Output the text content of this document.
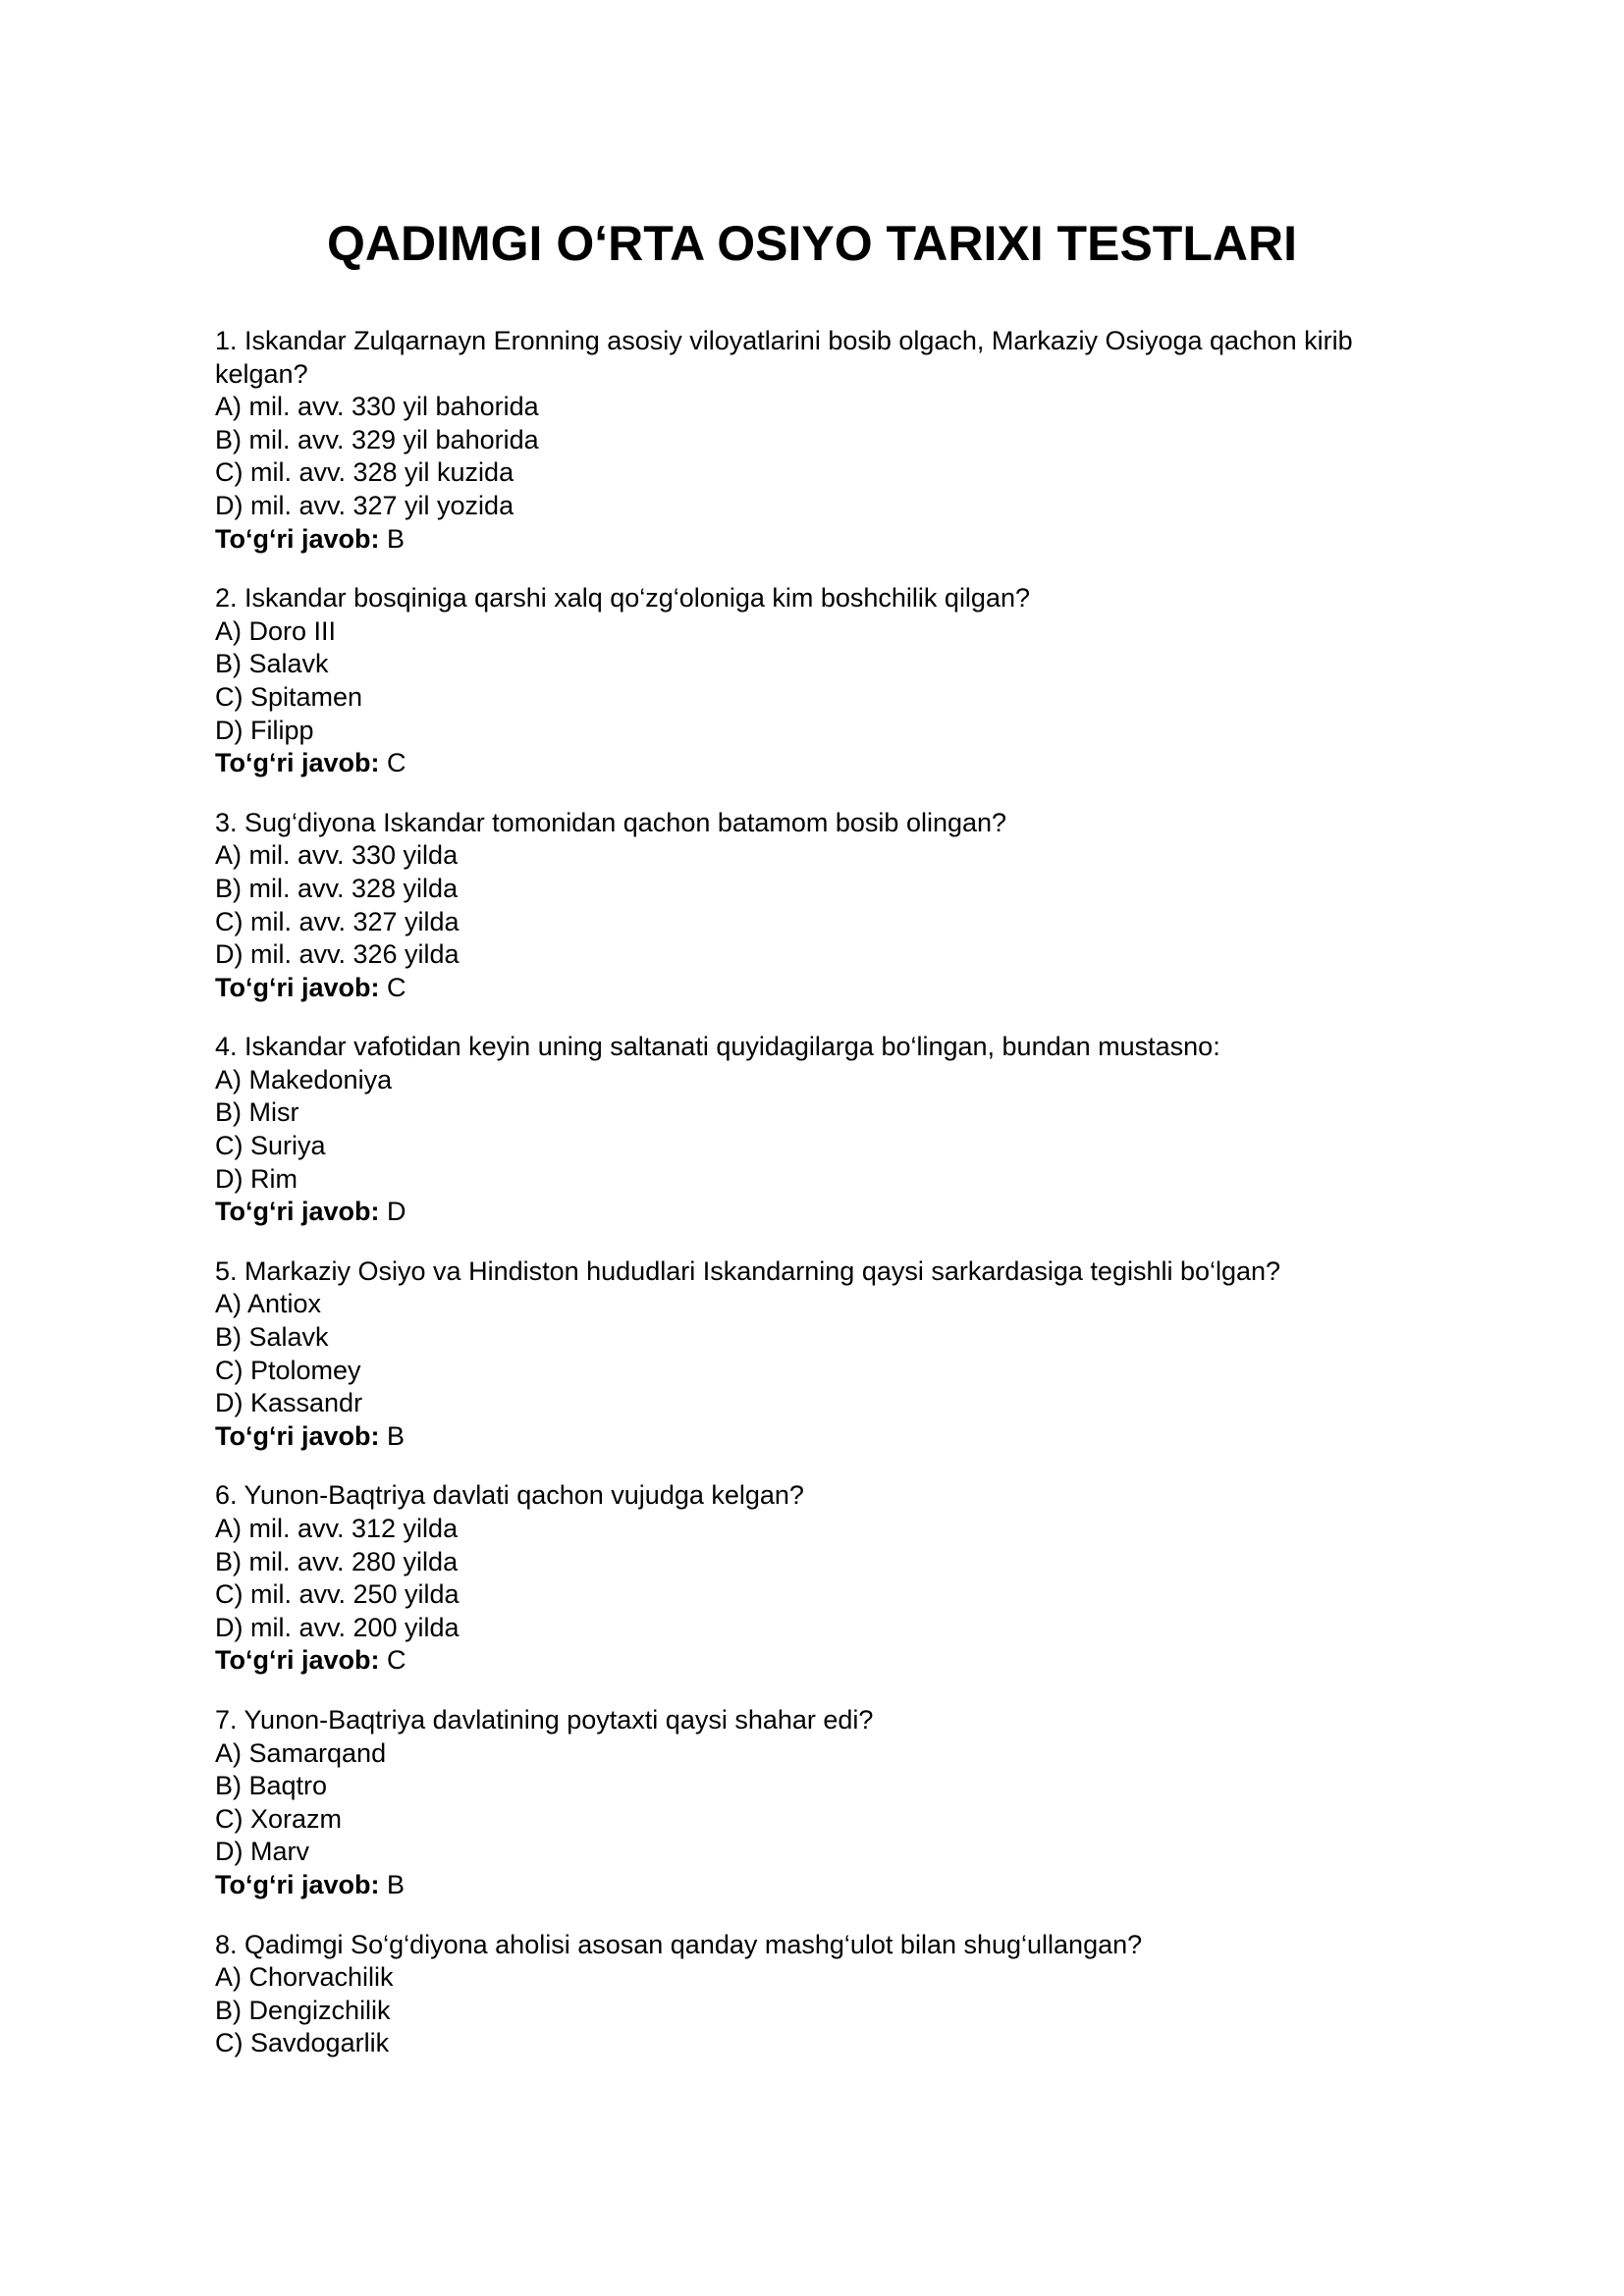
QADIMGI O‘RTA OSIYO TARIXI TESTLARI

1. Iskandar Zulqarnayn Eronning asosiy viloyatlarini bosib olgach, Markaziy Osiyoga qachon kirib kelgan?

A) mil. avv. 330 yil bahorida

B) mil. avv. 329 yil bahorida

C) mil. avv. 328 yil kuzida

D) mil. avv. 327 yil yozida

To‘g‘ri javob: B

2. Iskandar bosqiniga qarshi xalq qo‘zg‘oloniga kim boshchilik qilgan?

A) Doro III

B) Salavk

C) Spitamen

D) Filipp

To‘g‘ri javob: C

3. Sug‘diyona Iskandar tomonidan qachon batamom bosib olingan?

A) mil. avv. 330 yilda

B) mil. avv. 328 yilda

C) mil. avv. 327 yilda

D) mil. avv. 326 yilda

To‘g‘ri javob: C

4. Iskandar vafotidan keyin uning saltanati quyidagilarga bo‘lingan, bundan mustasno:

A) Makedoniya

B) Misr

C) Suriya

D) Rim

To‘g‘ri javob: D

5. Markaziy Osiyo va Hindiston hududlari Iskandarning qaysi sarkardasiga tegishli bo‘lgan?

A) Antiox

B) Salavk

C) Ptolomey

D) Kassandr

To‘g‘ri javob: B

6. Yunon-Baqtriya davlati qachon vujudga kelgan?

A) mil. avv. 312 yilda

B) mil. avv. 280 yilda

C) mil. avv. 250 yilda

D) mil. avv. 200 yilda

To‘g‘ri javob: C

7. Yunon-Baqtriya davlatining poytaxti qaysi shahar edi?

A) Samarqand

B) Baqtro

C) Xorazm

D) Marv

To‘g‘ri javob: B

8. Qadimgi So‘g‘diyona aholisi asosan qanday mashg‘ulot bilan shug‘ullangan?

A) Chorvachilik

B) Dengizchilik

C) Savdogarlik
